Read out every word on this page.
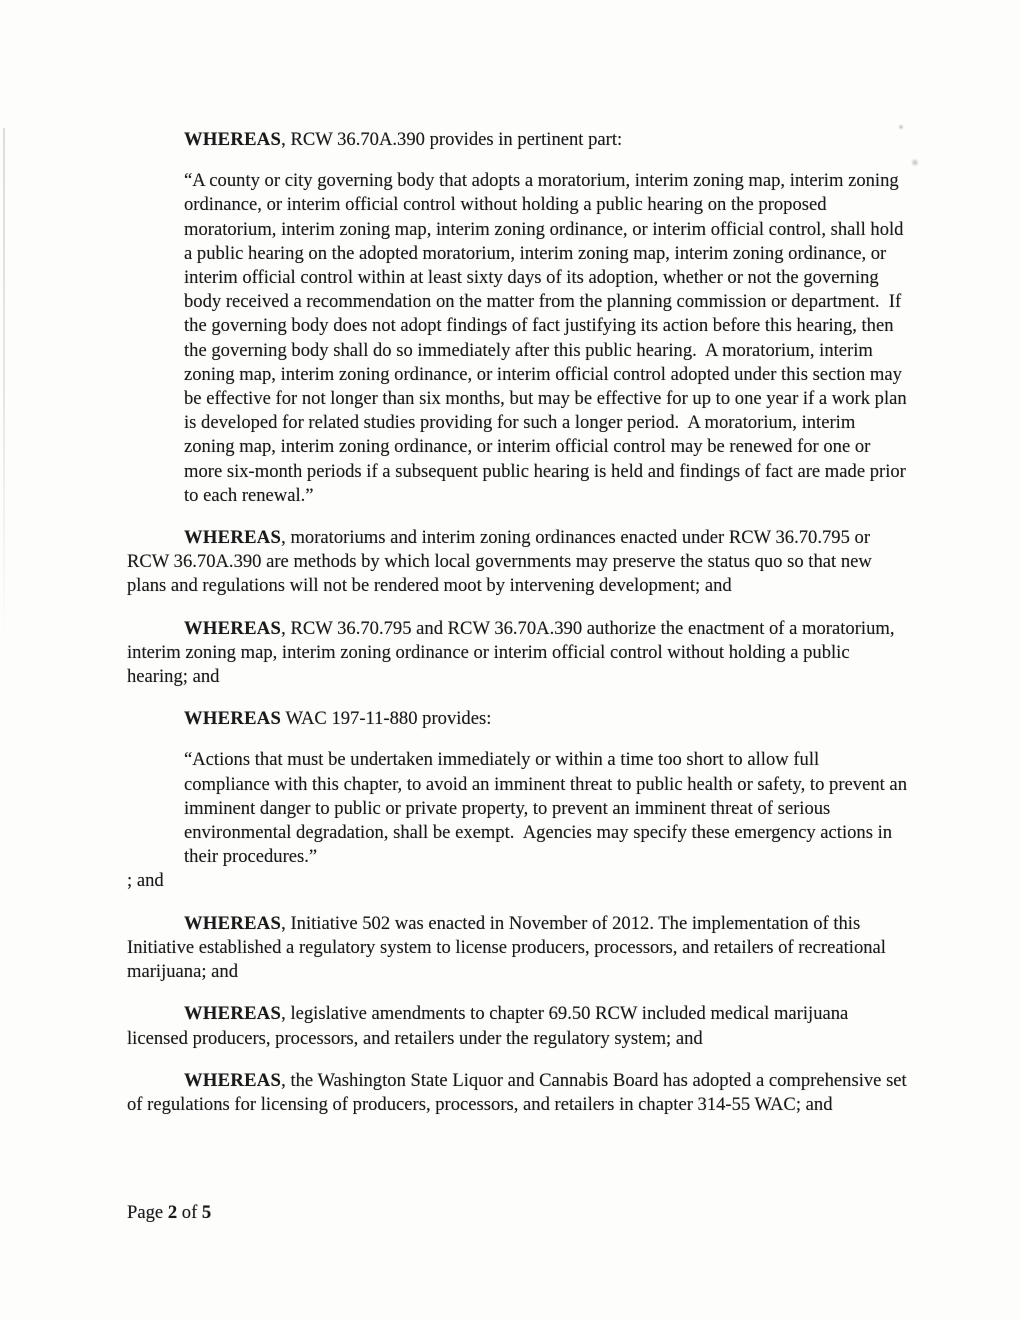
WHEREAS, RCW 36.70A.390 provides in pertinent part:

“A county or city governing body that adopts a moratorium, interim zoning map, interim zoning ordinance, or interim official control without holding a public hearing on the proposed moratorium, interim zoning map, interim zoning ordinance, or interim official control, shall hold a public hearing on the adopted moratorium, interim zoning map, interim zoning ordinance, or interim official control within at least sixty days of its adoption, whether or not the governing body received a recommendation on the matter from the planning commission or department.  If the governing body does not adopt findings of fact justifying its action before this hearing, then the governing body shall do so immediately after this public hearing.  A moratorium, interim zoning map, interim zoning ordinance, or interim official control adopted under this section may be effective for not longer than six months, but may be effective for up to one year if a work plan is developed for related studies providing for such a longer period.  A moratorium, interim zoning map, interim zoning ordinance, or interim official control may be renewed for one or more six-month periods if a subsequent public hearing is held and findings of fact are made prior to each renewal.”

WHEREAS, moratoriums and interim zoning ordinances enacted under RCW 36.70.795 or RCW 36.70A.390 are methods by which local governments may preserve the status quo so that new plans and regulations will not be rendered moot by intervening development; and

WHEREAS, RCW 36.70.795 and RCW 36.70A.390 authorize the enactment of a moratorium, interim zoning map, interim zoning ordinance or interim official control without holding a public hearing; and

WHEREAS WAC 197-11-880 provides:

“Actions that must be undertaken immediately or within a time too short to allow full compliance with this chapter, to avoid an imminent threat to public health or safety, to prevent an imminent danger to public or private property, to prevent an imminent threat of serious environmental degradation, shall be exempt.  Agencies may specify these emergency actions in their procedures.”

; and

WHEREAS, Initiative 502 was enacted in November of 2012. The implementation of this Initiative established a regulatory system to license producers, processors, and retailers of recreational marijuana; and

WHEREAS, legislative amendments to chapter 69.50 RCW included medical marijuana licensed producers, processors, and retailers under the regulatory system; and

WHEREAS, the Washington State Liquor and Cannabis Board has adopted a comprehensive set of regulations for licensing of producers, processors, and retailers in chapter 314-55 WAC; and

Page 2 of 5
